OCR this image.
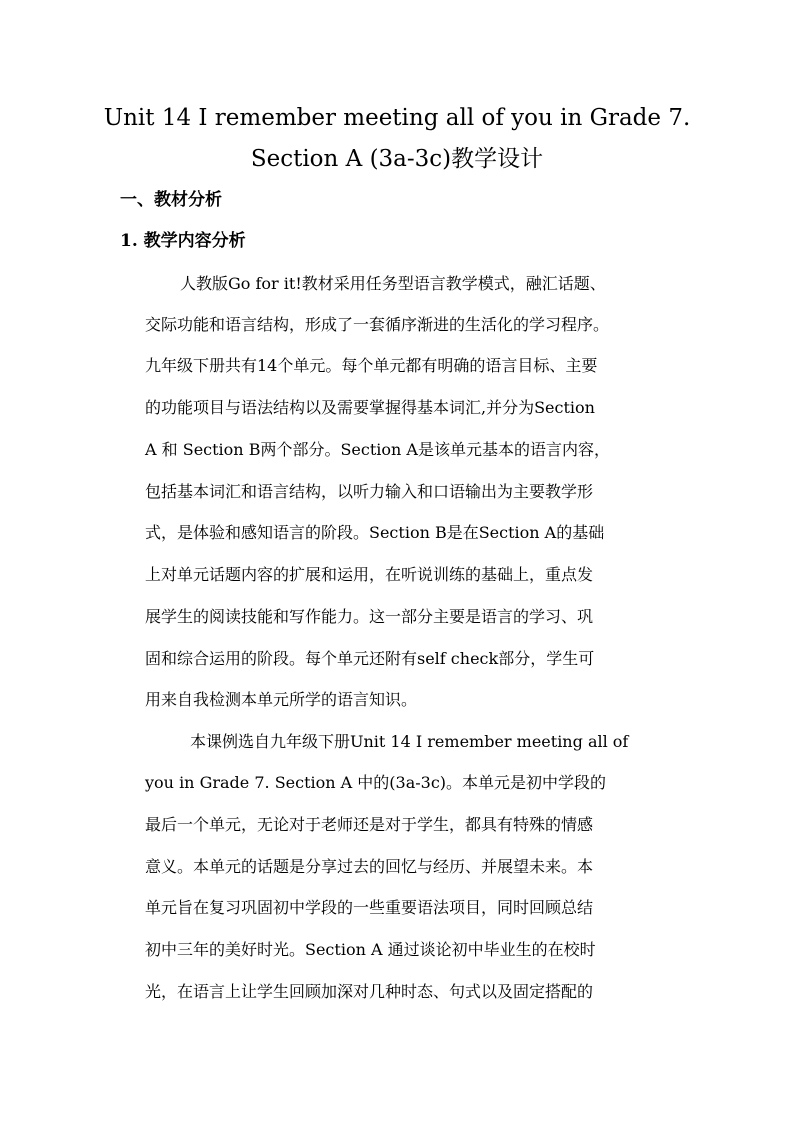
Unit 14 I remember meeting all of you in Grade 7.
Section A (3a-3c)教学设计
一、教材分析
1. 教学内容分析
人教版Go for it!教材采用任务型语言教学模式，融汇话题、
交际功能和语言结构，形成了一套循序渐进的生活化的学习程序。
九年级下册共有14个单元。每个单元都有明确的语言目标、主要
的功能项目与语法结构以及需要掌握得基本词汇,并分为Section
A 和 Section B两个部分。Section A是该单元基本的语言内容，
包括基本词汇和语言结构，以听力输入和口语输出为主要教学形
式，是体验和感知语言的阶段。Section B是在Section A的基础
上对单元话题内容的扩展和运用，在听说训练的基础上，重点发
展学生的阅读技能和写作能力。这一部分主要是语言的学习、巩
固和综合运用的阶段。每个单元还附有self check部分，学生可
用来自我检测本单元所学的语言知识。
本课例选自九年级下册Unit 14 I remember meeting all of
you in Grade 7. Section A 中的(3a-3c)。本单元是初中学段的
最后一个单元，无论对于老师还是对于学生，都具有特殊的情感
意义。本单元的话题是分享过去的回忆与经历、并展望未来。本
单元旨在复习巩固初中学段的一些重要语法项目，同时回顾总结
初中三年的美好时光。Section A 通过谈论初中毕业生的在校时
光，在语言上让学生回顾加深对几种时态、句式以及固定搭配的
